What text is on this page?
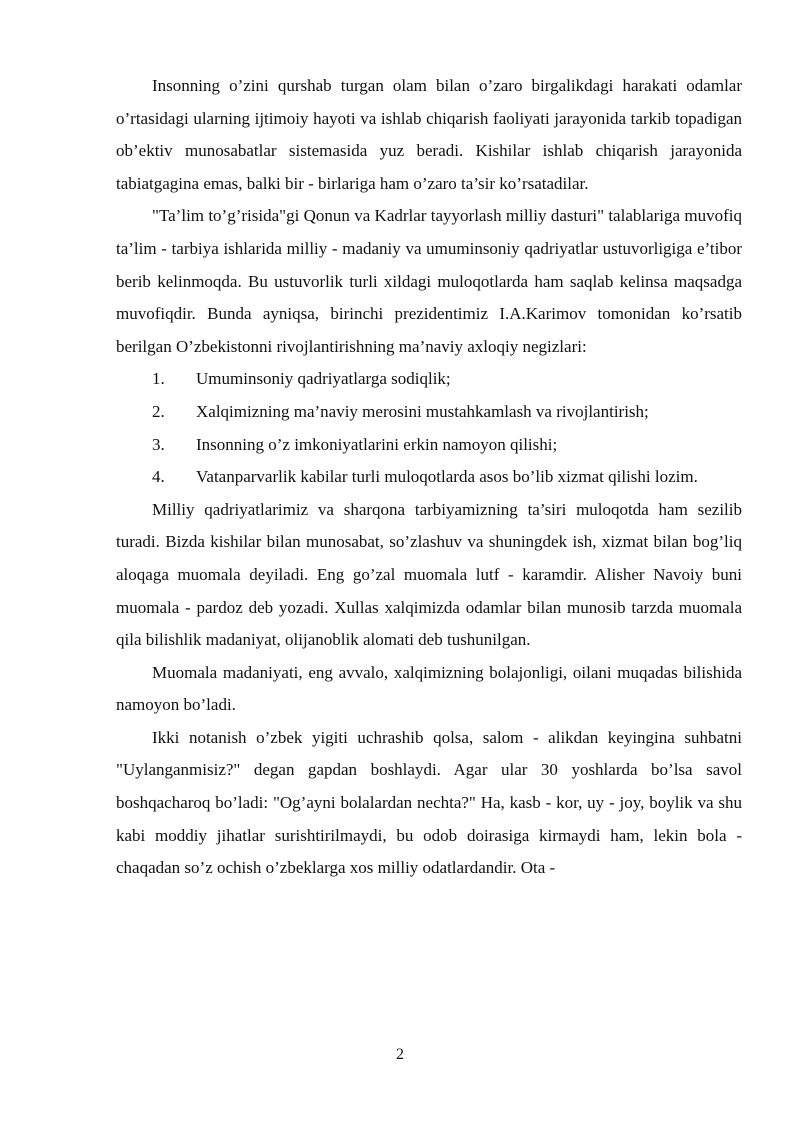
Insonning o’zini qurshab turgan olam bilan o’zaro birgalikdagi harakati odamlar o’rtasidagi ularning ijtimoiy hayoti va ishlab chiqarish faoliyati jarayonida tarkib topadigan ob’ektiv munosabatlar sistemasida yuz beradi. Kishilar ishlab chiqarish jarayonida tabiatgagina emas, balki bir - birlariga ham o’zaro ta’sir ko’rsatadilar.

"Ta’lim to’g’risida"gi Qonun va Kadrlar tayyorlash milliy dasturi" talablariga muvofiq ta’lim - tarbiya ishlarida milliy - madaniy va umuminsoniy qadriyatlar ustuvorligiga e’tibor berib kelinmoqda. Bu ustuvorlik turli xildagi muloqotlarda ham saqlab kelinsa maqsadga muvofiqdir. Bunda ayniqsa, birinchi prezidentimiz I.A.Karimov tomonidan ko’rsatib berilgan O’zbekistonni rivojlantirishning ma’naviy axloqiy negizlari:

1.	Umuminsoniy qadriyatlarga sodiqlik;
2.	Xalqimizning ma’naviy merosini mustahkamlash va rivojlantirish;
3.	Insonning o’z imkoniyatlarini erkin namoyon qilishi;

4. Vatanparvarlik kabilar turli muloqotlarda asos bo’lib xizmat qilishi lozim.

Milliy qadriyatlarimiz va sharqona tarbiyamizning ta’siri muloqotda ham sezilib turadi. Bizda kishilar bilan munosabat, so’zlashuv va shuningdek ish, xizmat bilan bog’liq aloqaga muomala deyiladi. Eng go’zal muomala lutf - karamdir. Alisher Navoiy buni muomala - pardoz deb yozadi. Xullas xalqimizda odamlar bilan munosib tarzda muomala qila bilishlik madaniyat, olijanoblik alomati deb tushunilgan.

Muomala madaniyati, eng avvalo, xalqimizning bolajonligi, oilani muqadas bilishida namoyon bo’ladi.

Ikki notanish o’zbek yigiti uchrashib qolsa, salom - alikdan keyingina suhbatni "Uylanganmisiz?" degan gapdan boshlaydi. Agar ular 30 yoshlarda bo’lsa savol boshqacharoq bo’ladi: "Og’ayni bolalardan nechta?" Ha, kasb - kor, uy - joy, boylik va shu kabi moddiy jihatlar surishtirilmaydi, bu odob doirasiga kirmaydi ham, lekin bola - chaqadan so’z ochish o’zbeklarga xos milliy odatlardandir. Ota -

2
